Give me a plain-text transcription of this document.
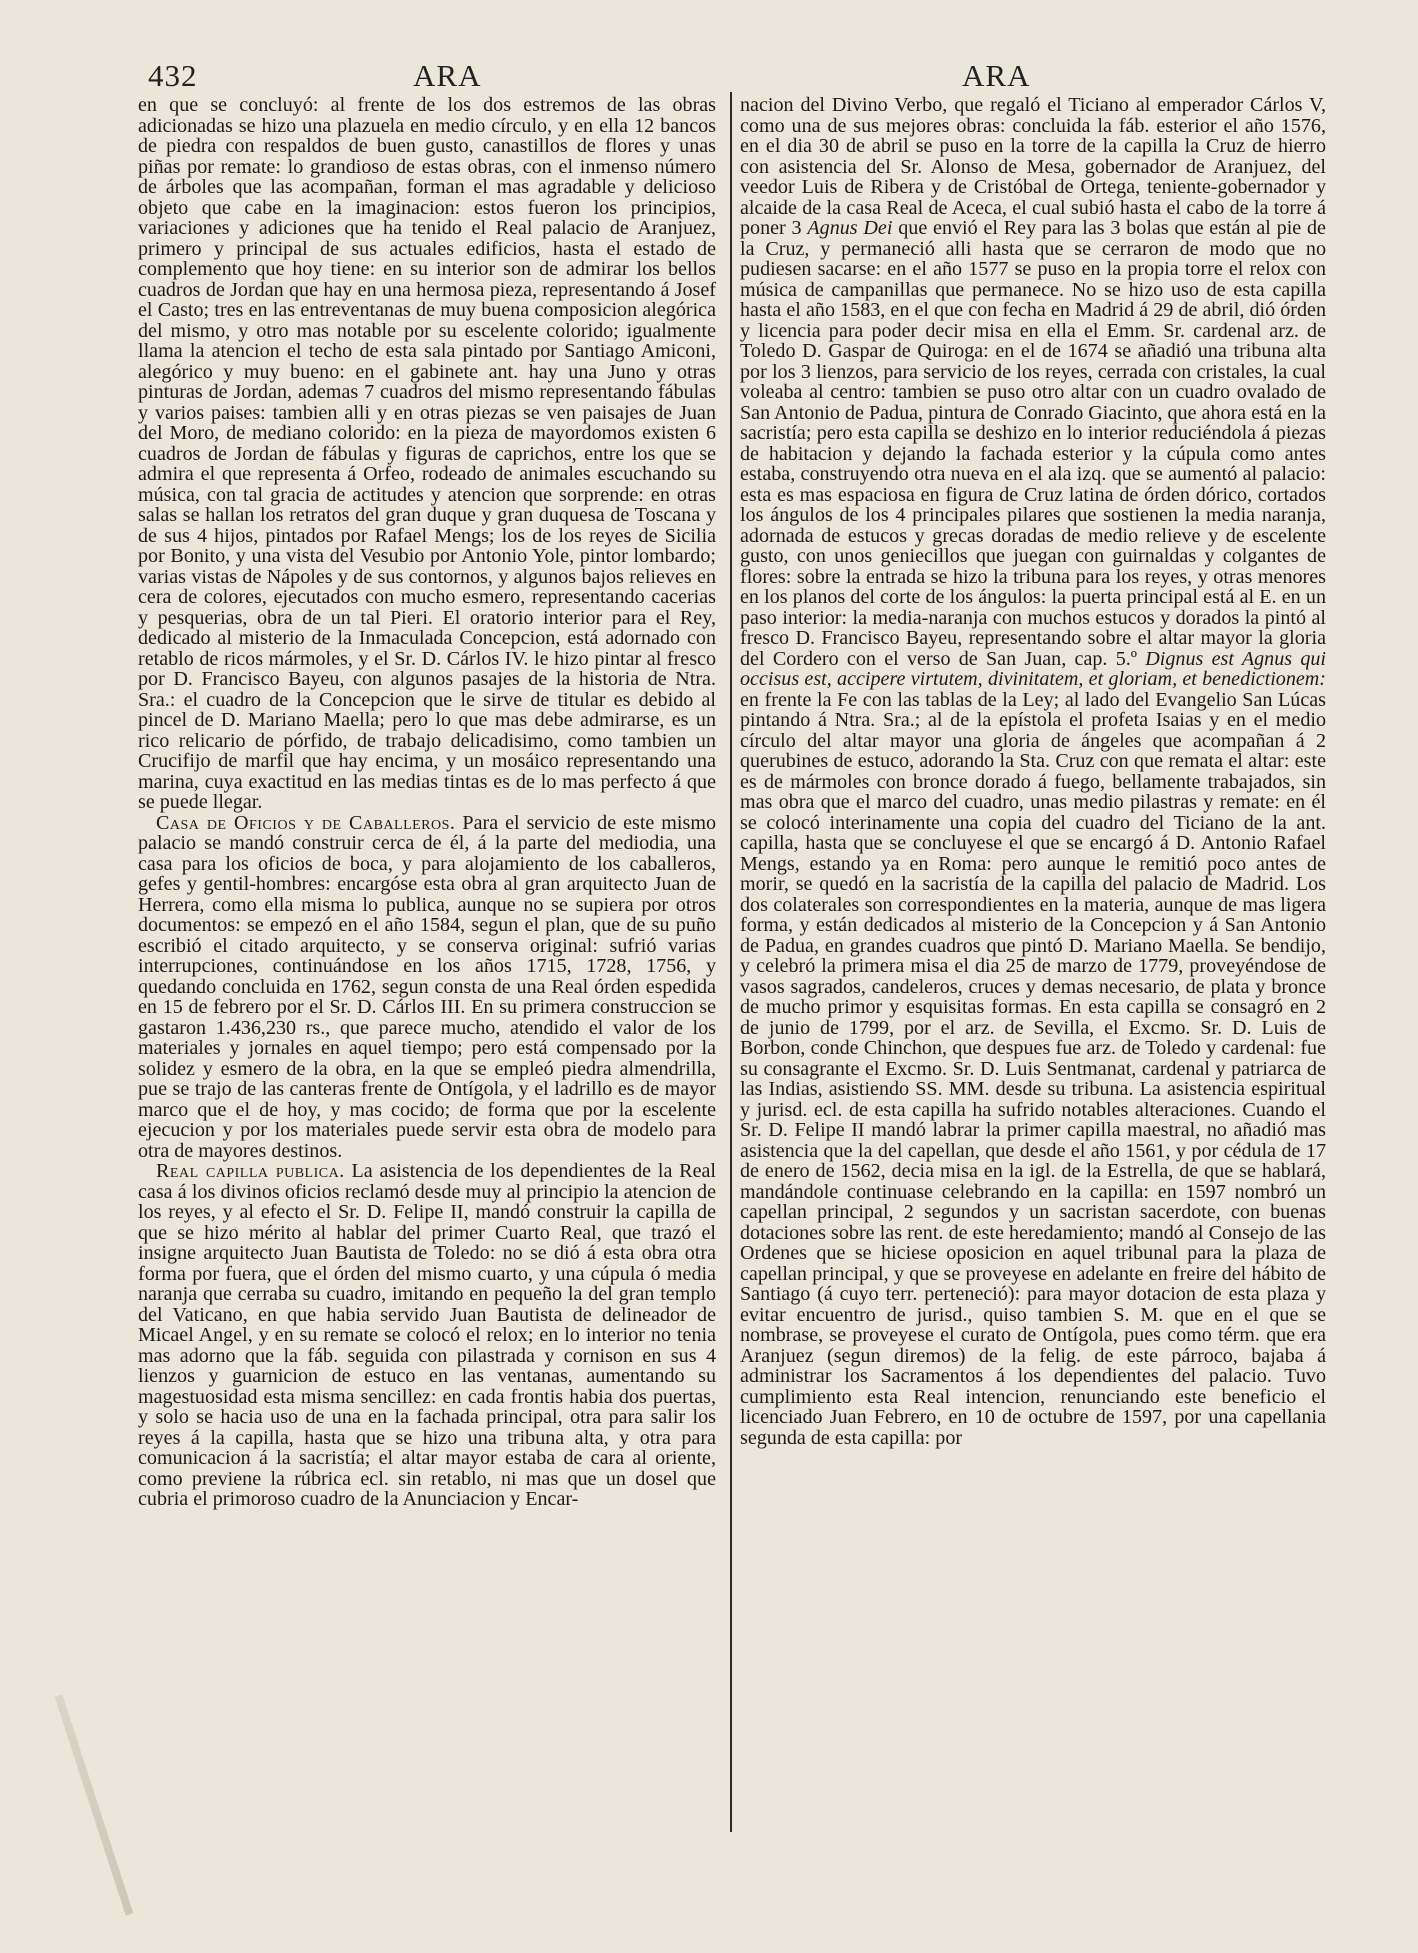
432	ARA	ARA

en que se concluyó: al frente de los dos estremos de las obras adicionadas se hizo una plazuela en medio círculo, y en ella 12 bancos de piedra con respaldos de buen gusto, canastillos de flores y unas piñas por remate: lo grandioso de estas obras, con el inmenso número de árboles que las acompañan, forman el mas agradable y delicioso objeto que cabe en la imaginacion: estos fueron los principios, variaciones y adiciones que ha tenido el Real palacio de Aranjuez, primero y principal de sus actuales edificios, hasta el estado de complemento que hoy tiene: en su interior son de admirar los bellos cuadros de Jordan que hay en una hermosa pieza, representando á Josef el Casto; tres en las entreventanas de muy buena composicion alegórica del mismo, y otro mas notable por su escelente colorido; igualmente llama la atencion el techo de esta sala pintado por Santiago Amiconi, alegórico y muy bueno: en el gabinete ant. hay una Juno y otras pinturas de Jordan, ademas 7 cuadros del mismo representando fábulas y varios paises: tambien alli y en otras piezas se ven paisajes de Juan del Moro, de mediano colorido: en la pieza de mayordomos existen 6 cuadros de Jordan de fábulas y figuras de caprichos, entre los que se admira el que representa á Orfeo, rodeado de animales escuchando su música, con tal gracia de actitudes y atencion que sorprende: en otras salas se hallan los retratos del gran duque y gran duquesa de Toscana y de sus 4 hijos, pintados por Rafael Mengs; los de los reyes de Sicilia por Bonito, y una vista del Vesubio por Antonio Yole, pintor lombardo; varias vistas de Nápoles y de sus contornos, y algunos bajos relieves en cera de colores, ejecutados con mucho esmero, representando cacerias y pesquerias, obra de un tal Pieri. El oratorio interior para el Rey, dedicado al misterio de la Inmaculada Concepcion, está adornado con retablo de ricos mármoles, y el Sr. D. Cárlos IV. le hizo pintar al fresco por D. Francisco Bayeu, con algunos pasajes de la historia de Ntra. Sra.: el cuadro de la Concepcion que le sirve de titular es debido al pincel de D. Mariano Maella; pero lo que mas debe admirarse, es un rico relicario de pórfido, de trabajo delicadisimo, como tambien un Crucifijo de marfil que hay encima, y un mosáico representando una marina, cuya exactitud en las medias tintas es de lo mas perfecto á que se puede llegar.

Casa de Oficios y de Caballeros. Para el servicio de este mismo palacio se mandó construir cerca de él, á la parte del mediodia, una casa para los oficios de boca, y para alojamiento de los caballeros, gefes y gentil-hombres: encargóse esta obra al gran arquitecto Juan de Herrera, como ella misma lo publica, aunque no se supiera por otros documentos: se empezó en el año 1584, segun el plan, que de su puño escribió el citado arquitecto, y se conserva original: sufrió varias interrupciones, continuándose en los años 1715, 1728, 1756, y quedando concluida en 1762, segun consta de una Real órden espedida en 15 de febrero por el Sr. D. Cárlos III. En su primera construccion se gastaron 1.436,230 rs., que parece mucho, atendido el valor de los materiales y jornales en aquel tiempo; pero está compensado por la solidez y esmero de la obra, en la que se empleó piedra almendrilla, pue se trajo de las canteras frente de Ontígola, y el ladrillo es de mayor marco que el de hoy, y mas cocido; de forma que por la escelente ejecucion y por los materiales puede servir esta obra de modelo para otra de mayores destinos.

Real capilla publica. La asistencia de los dependientes de la Real casa á los divinos oficios reclamó desde muy al principio la atencion de los reyes, y al efecto el Sr. D. Felipe II, mandó construir la capilla de que se hizo mérito al hablar del primer Cuarto Real, que trazó el insigne arquitecto Juan Bautista de Toledo: no se dió á esta obra otra forma por fuera, que el órden del mismo cuarto, y una cúpula ó media naranja que cerraba su cuadro, imitando en pequeño la del gran templo del Vaticano, en que habia servido Juan Bautista de delineador de Micael Angel, y en su remate se colocó el relox; en lo interior no tenia mas adorno que la fáb. seguida con pilastrada y cornison en sus 4 lienzos y guarnicion de estuco en las ventanas, aumentando su magestuosidad esta misma sencillez: en cada frontis habia dos puertas, y solo se hacia uso de una en la fachada principal, otra para salir los reyes á la capilla, hasta que se hizo una tribuna alta, y otra para comunicacion á la sacristía; el altar mayor estaba de cara al oriente, como previene la rúbrica ecl. sin retablo, ni mas que un dosel que cubria el primoroso cuadro de la Anunciacion y Encar-

nacion del Divino Verbo, que regaló el Ticiano al emperador Cárlos V, como una de sus mejores obras: concluida la fáb. esterior el año 1576, en el dia 30 de abril se puso en la torre de la capilla la Cruz de hierro con asistencia del Sr. Alonso de Mesa, gobernador de Aranjuez, del veedor Luis de Ribera y de Cristóbal de Ortega, teniente-gobernador y alcaide de la casa Real de Aceca, el cual subió hasta el cabo de la torre á poner 3 Agnus Dei que envió el Rey para las 3 bolas que están al pie de la Cruz, y permaneció alli hasta que se cerraron de modo que no pudiesen sacarse: en el año 1577 se puso en la propia torre el relox con música de campanillas que permanece. No se hizo uso de esta capilla hasta el año 1583, en el que con fecha en Madrid á 29 de abril, dió órden y licencia para poder decir misa en ella el Emm. Sr. cardenal arz. de Toledo D. Gaspar de Quiroga: en el de 1674 se añadió una tribuna alta por los 3 lienzos, para servicio de los reyes, cerrada con cristales, la cual voleaba al centro: tambien se puso otro altar con un cuadro ovalado de San Antonio de Padua, pintura de Conrado Giacinto, que ahora está en la sacristía; pero esta capilla se deshizo en lo interior reduciéndola á piezas de habitacion y dejando la fachada esterior y la cúpula como antes estaba, construyendo otra nueva en el ala izq. que se aumentó al palacio: esta es mas espaciosa en figura de Cruz latina de órden dórico, cortados los ángulos de los 4 principales pilares que sostienen la media naranja, adornada de estucos y grecas doradas de medio relieve y de escelente gusto, con unos geniecillos que juegan con guirnaldas y colgantes de flores: sobre la entrada se hizo la tribuna para los reyes, y otras menores en los planos del corte de los ángulos: la puerta principal está al E. en un paso interior: la media-naranja con muchos estucos y dorados la pintó al fresco D. Francisco Bayeu, representando sobre el altar mayor la gloria del Cordero con el verso de San Juan, cap. 5.º Dignus est Agnus qui occisus est, accipere virtutem, divinitatem, et gloriam, et benedictionem: en frente la Fe con las tablas de la Ley; al lado del Evangelio San Lúcas pintando á Ntra. Sra.; al de la epístola el profeta Isaias y en el medio círculo del altar mayor una gloria de ángeles que acompañan á 2 querubines de estuco, adorando la Sta. Cruz con que remata el altar: este es de mármoles con bronce dorado á fuego, bellamente trabajados, sin mas obra que el marco del cuadro, unas medio pilastras y remate: en él se colocó interinamente una copia del cuadro del Ticiano de la ant. capilla, hasta que se concluyese el que se encargó á D. Antonio Rafael Mengs, estando ya en Roma: pero aunque le remitió poco antes de morir, se quedó en la sacristía de la capilla del palacio de Madrid. Los dos colaterales son correspondientes en la materia, aunque de mas ligera forma, y están dedicados al misterio de la Concepcion y á San Antonio de Padua, en grandes cuadros que pintó D. Mariano Maella. Se bendijo, y celebró la primera misa el dia 25 de marzo de 1779, proveyéndose de vasos sagrados, candeleros, cruces y demas necesario, de plata y bronce de mucho primor y esquisitas formas. En esta capilla se consagró en 2 de junio de 1799, por el arz. de Sevilla, el Excmo. Sr. D. Luis de Borbon, conde Chinchon, que despues fue arz. de Toledo y cardenal: fue su consagrante el Excmo. Sr. D. Luis Sentmanat, cardenal y patriarca de las Indias, asistiendo SS. MM. desde su tribuna. La asistencia espiritual y jurisd. ecl. de esta capilla ha sufrido notables alteraciones. Cuando el Sr. D. Felipe II mandó labrar la primer capilla maestral, no añadió mas asistencia que la del capellan, que desde el año 1561, y por cédula de 17 de enero de 1562, decia misa en la igl. de la Estrella, de que se hablará, mandándole continuase celebrando en la capilla: en 1597 nombró un capellan principal, 2 segundos y un sacristan sacerdote, con buenas dotaciones sobre las rent. de este heredamiento; mandó al Consejo de las Ordenes que se hiciese oposicion en aquel tribunal para la plaza de capellan principal, y que se proveyese en adelante en freire del hábito de Santiago (á cuyo terr. perteneció): para mayor dotacion de esta plaza y evitar encuentro de jurisd., quiso tambien S. M. que en el que se nombrase, se proveyese el curato de Ontígola, pues como térm. que era Aranjuez (segun diremos) de la felig. de este párroco, bajaba á administrar los Sacramentos á los dependientes del palacio. Tuvo cumplimiento esta Real intencion, renunciando este beneficio el licenciado Juan Febrero, en 10 de octubre de 1597, por una capellania segunda de esta capilla: por
